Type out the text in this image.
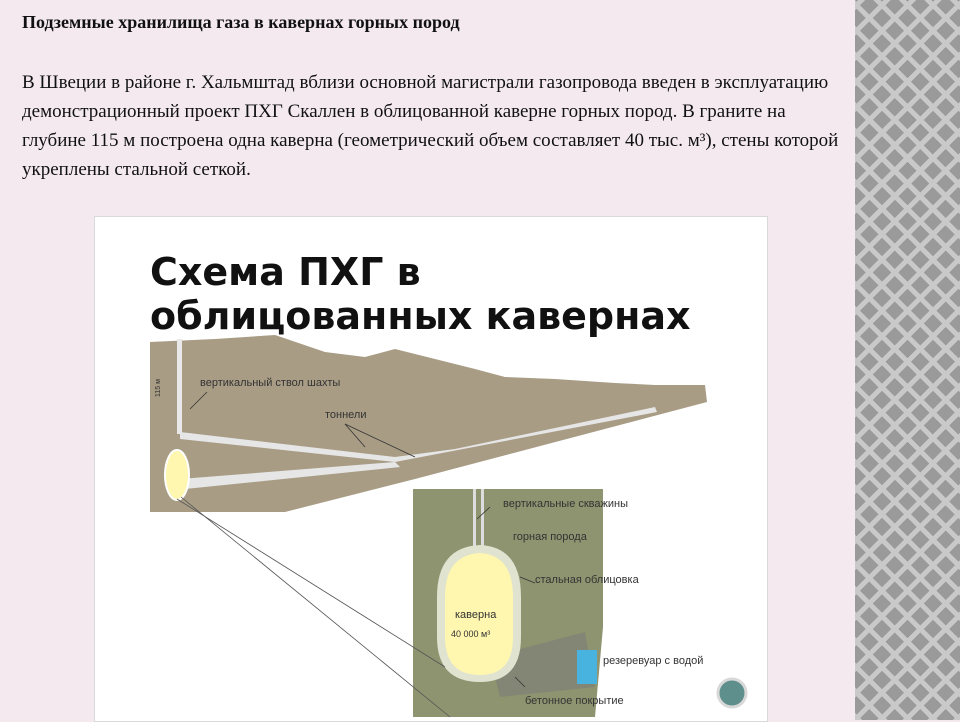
Подземные хранилища газа в кавернах горных пород
В Швеции в районе г. Хальмштад вблизи основной магистрали газопровода введен в эксплуатацию демонстрационный проект ПХГ Скаллен в облицованной каверне горных пород. В граните на глубине 115 м построена одна каверна (геометрический объем составляет 40 тыс. м³), стены которой укреплены стальной сеткой.
Схема ПХГ в облицованных кавернах
вертикальный ствол шахты
тоннели
вертикальные скважины
горная порода
стальная облицовка
каверна
40 000 м³
резеревуар с водой
бетонное покрытие
115 м
